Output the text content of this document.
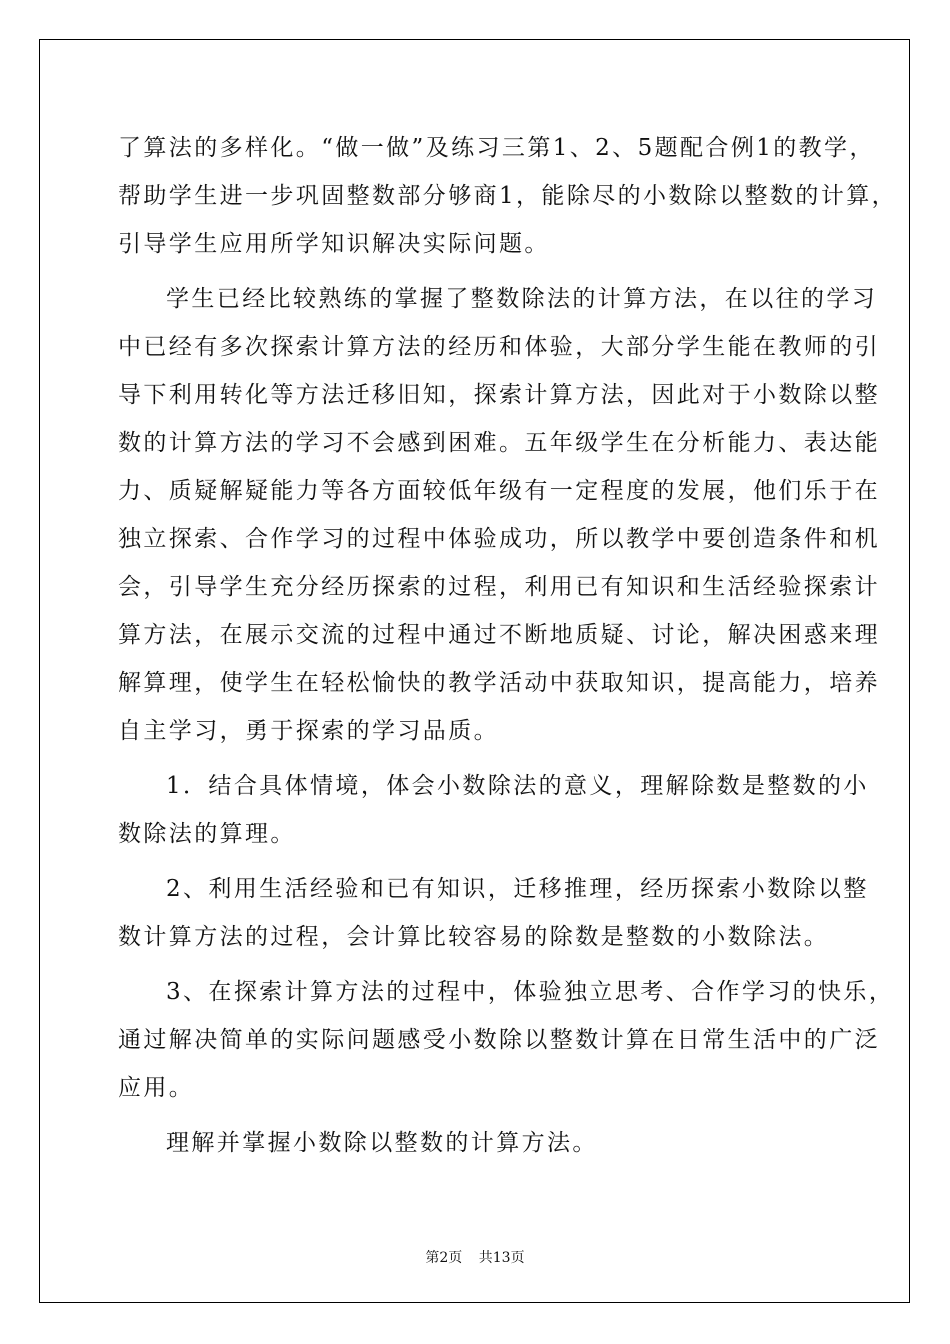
了算法的多样化。“做一做”及练习三第1、2、5题配合例1的教学，
帮助学生进一步巩固整数部分够商1，能除尽的小数除以整数的计算，
引导学生应用所学知识解决实际问题。
学生已经比较熟练的掌握了整数除法的计算方法，在以往的学习
中已经有多次探索计算方法的经历和体验，大部分学生能在教师的引
导下利用转化等方法迁移旧知，探索计算方法，因此对于小数除以整
数的计算方法的学习不会感到困难。五年级学生在分析能力、表达能
力、质疑解疑能力等各方面较低年级有一定程度的发展，他们乐于在
独立探索、合作学习的过程中体验成功，所以教学中要创造条件和机
会，引导学生充分经历探索的过程，利用已有知识和生活经验探索计
算方法，在展示交流的过程中通过不断地质疑、讨论，解决困惑来理
解算理，使学生在轻松愉快的教学活动中获取知识，提高能力，培养
自主学习，勇于探索的学习品质。
1．结合具体情境，体会小数除法的意义，理解除数是整数的小
数除法的算理。
2、利用生活经验和已有知识，迁移推理，经历探索小数除以整
数计算方法的过程，会计算比较容易的除数是整数的小数除法。
3、在探索计算方法的过程中，体验独立思考、合作学习的快乐，
通过解决简单的实际问题感受小数除以整数计算在日常生活中的广泛
应用。
理解并掌握小数除以整数的计算方法。
第2页 共13页
